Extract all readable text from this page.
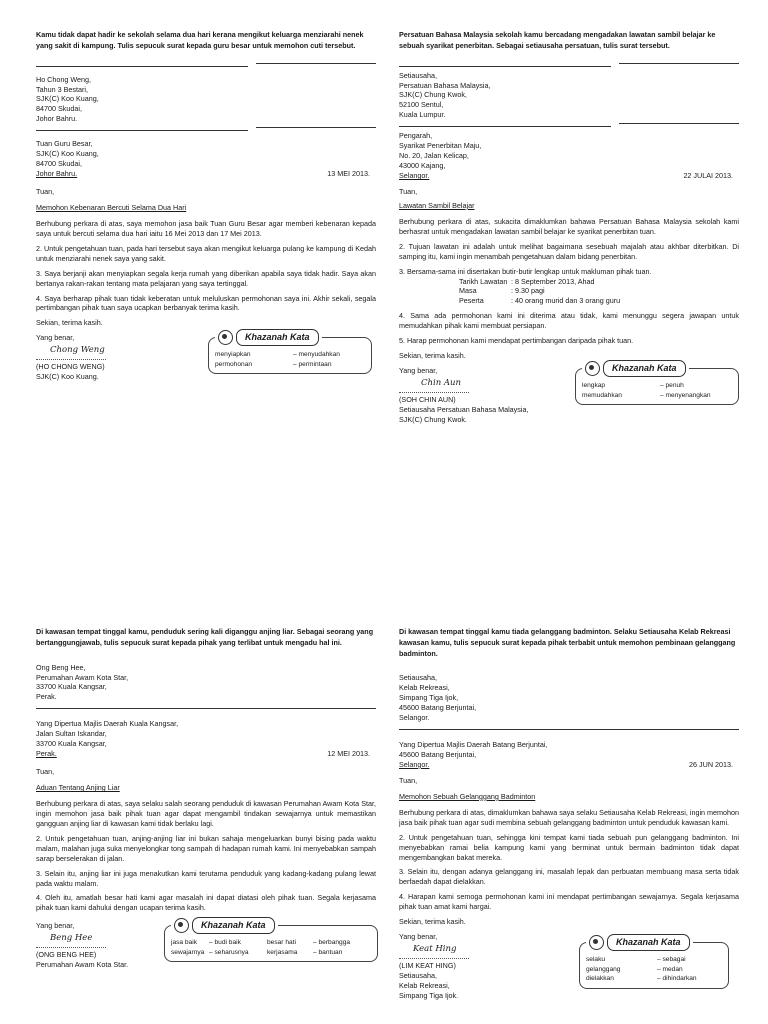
Kamu tidak dapat hadir ke sekolah selama dua hari kerana mengikut keluarga menziarahi nenek yang sakit di kampung. Tulis sepucuk surat kepada guru besar untuk memohon cuti tersebut.

Ho Chong Weng,

Tahun 3 Bestari,

SJK(C) Koo Kuang,

84700 Skudai,

Johor Bahru.

Tuan Guru Besar,

SJK(C) Koo Kuang,

84700 Skudai,

Johor Bahru.	13 MEI 2013.

Tuan,

Memohon Kebenaran Bercuti Selama Dua Hari

Berhubung perkara di atas, saya memohon jasa baik Tuan Guru Besar agar memberi kebenaran kepada saya untuk bercuti selama dua hari iaitu 16 Mei 2013 dan 17 Mei 2013.

2. Untuk pengetahuan tuan, pada hari tersebut saya akan mengikut keluarga pulang ke kampung di Kedah untuk menziarahi nenek saya yang sakit.

3. Saya berjanji akan menyiapkan segala kerja rumah yang diberikan apabila saya tidak hadir. Saya akan bertanya rakan-rakan tentang mata pelajaran yang saya tertinggal.

4. Saya berharap pihak tuan tidak keberatan untuk meluluskan permohonan saya ini. Akhir sekali, segala pertimbangan pihak tuan saya ucapkan berbanyak terima kasih.

Sekian, terima kasih.

Yang benar,
Chong Weng
(HO CHONG WENG)
SJK(C) Koo Kuang.
Khazanah Kata
menyiapkan	– menyudahkan
permohonan	– permintaan

Persatuan Bahasa Malaysia sekolah kamu bercadang mengadakan lawatan sambil belajar ke sebuah syarikat penerbitan. Sebagai setiausaha persatuan, tulis surat tersebut.

Setiausaha,

Persatuan Bahasa Malaysia,

SJK(C) Chung Kwok,

52100 Sentul,

Kuala Lumpur.

Pengarah,

Syarikat Penerbitan Maju,

No. 20, Jalan Kelicap,

43000 Kajang,

Selangor.	22 JULAI 2013.

Tuan,

Lawatan Sambil Belajar

Berhubung perkara di atas, sukacita dimaklumkan bahawa Persatuan Bahasa Malaysia sekolah kami berhasrat untuk mengadakan lawatan sambil belajar ke syarikat penerbitan tuan.

2. Tujuan lawatan ini adalah untuk melihat bagaimana sesebuah majalah atau akhbar diterbitkan. Di samping itu, kami ingin menambah pengetahuan dalam bidang penerbitan.

3. Bersama-sama ini disertakan butir-butir lengkap untuk makluman pihak tuan.

Tarikh Lawatan : 8 September 2013, Ahad
Masa	: 9.30 pagi
Peserta	: 40 orang murid dan 3 orang guru

4. Sama ada permohonan kami ini diterima atau tidak, kami menunggu segera jawapan untuk memudahkan pihak kami membuat persiapan.

5. Harap permohonan kami mendapat pertimbangan daripada pihak tuan.

Sekian, terima kasih.

Yang benar,
Chin Aun
(SOH CHIN AUN)
Setiausaha Persatuan Bahasa Malaysia,
SJK(C) Chung Kwok.
Khazanah Kata
lengkap	– penuh
memudahkan	– menyenangkan

Di kawasan tempat tinggal kamu, penduduk sering kali diganggu anjing liar. Sebagai seorang yang bertanggungjawab, tulis sepucuk surat kepada pihak yang terlibat untuk mengadu hal ini.

Ong Beng Hee,

Perumahan Awam Kota Star,

33700 Kuala Kangsar,

Perak.

Yang Dipertua Majlis Daerah Kuala Kangsar,

Jalan Sultan Iskandar,

33700 Kuala Kangsar,

Perak.	12 MEI 2013.

Tuan,

Aduan Tentang Anjing Liar

Berhubung perkara di atas, saya selaku salah seorang penduduk di kawasan Perumahan Awam Kota Star, ingin memohon jasa baik pihak tuan agar dapat mengambil tindakan sewajarnya untuk memastikan gangguan anjing liar di kawasan kami tidak berlaku lagi.

2. Untuk pengetahuan tuan, anjing-anjing liar ini bukan sahaja mengeluarkan bunyi bising pada waktu malam, malahan juga suka menyelongkar tong sampah di hadapan rumah kami. Ini menyebabkan sampah sarap berselerakan di jalan.

3. Selain itu, anjing liar ini juga menakutkan kami terutama penduduk yang kadang-kadang pulang lewat pada waktu malam.

4. Oleh itu, amatlah besar hati kami agar masalah ini dapat diatasi oleh pihak tuan. Segala kerjasama pihak tuan kami dahului dengan ucapan terima kasih.

Yang benar,
Beng Hee
(ONG BENG HEE)
Perumahan Awam Kota Star.
Khazanah Kata
jasa baik	– budi baik	besar hati	– berbangga
sewajarnya – seharusnya	kerjasama	– bantuan

Di kawasan tempat tinggal kamu tiada gelanggang badminton. Selaku Setiausaha Kelab Rekreasi kawasan kamu, tulis sepucuk surat kepada pihak terbabit untuk memohon pembinaan gelanggang badminton.

Setiausaha,

Kelab Rekreasi,

Simpang Tiga Ijok,

45600 Batang Berjuntai,

Selangor.

Yang Dipertua Majlis Daerah Batang Berjuntai,

45600 Batang Berjuntai,

Selangor.	26 JUN 2013.

Tuan,

Memohon Sebuah Gelanggang Badminton

Berhubung perkara di atas, dimaklumkan bahawa saya selaku Setiausaha Kelab Rekreasi, ingin memohon jasa baik pihak tuan agar sudi membina sebuah gelanggang badminton untuk penduduk kawasan kami.

2. Untuk pengetahuan tuan, sehingga kini tempat kami tiada sebuah pun gelanggang badminton. Ini menyebabkan ramai belia kampung kami yang berminat untuk bermain badminton tidak dapat mengembangkan bakat mereka.

3. Selain itu, dengan adanya gelanggang ini, masalah lepak dan perbuatan membuang masa serta tidak berfaedah dapat dielakkan.

4. Harapan kami semoga permohonan kami ini mendapat pertimbangan sewajarnya. Segala kerjasama pihak tuan amat kami hargai.

Sekian, terima kasih.

Yang benar,
Keat Hing
(LIM KEAT HING)
Setiausaha,
Kelab Rekreasi,
Simpang Tiga Ijok.
Khazanah Kata
selaku	– sebagai
gelanggang	– medan
dielakkan	– dihindarkan
